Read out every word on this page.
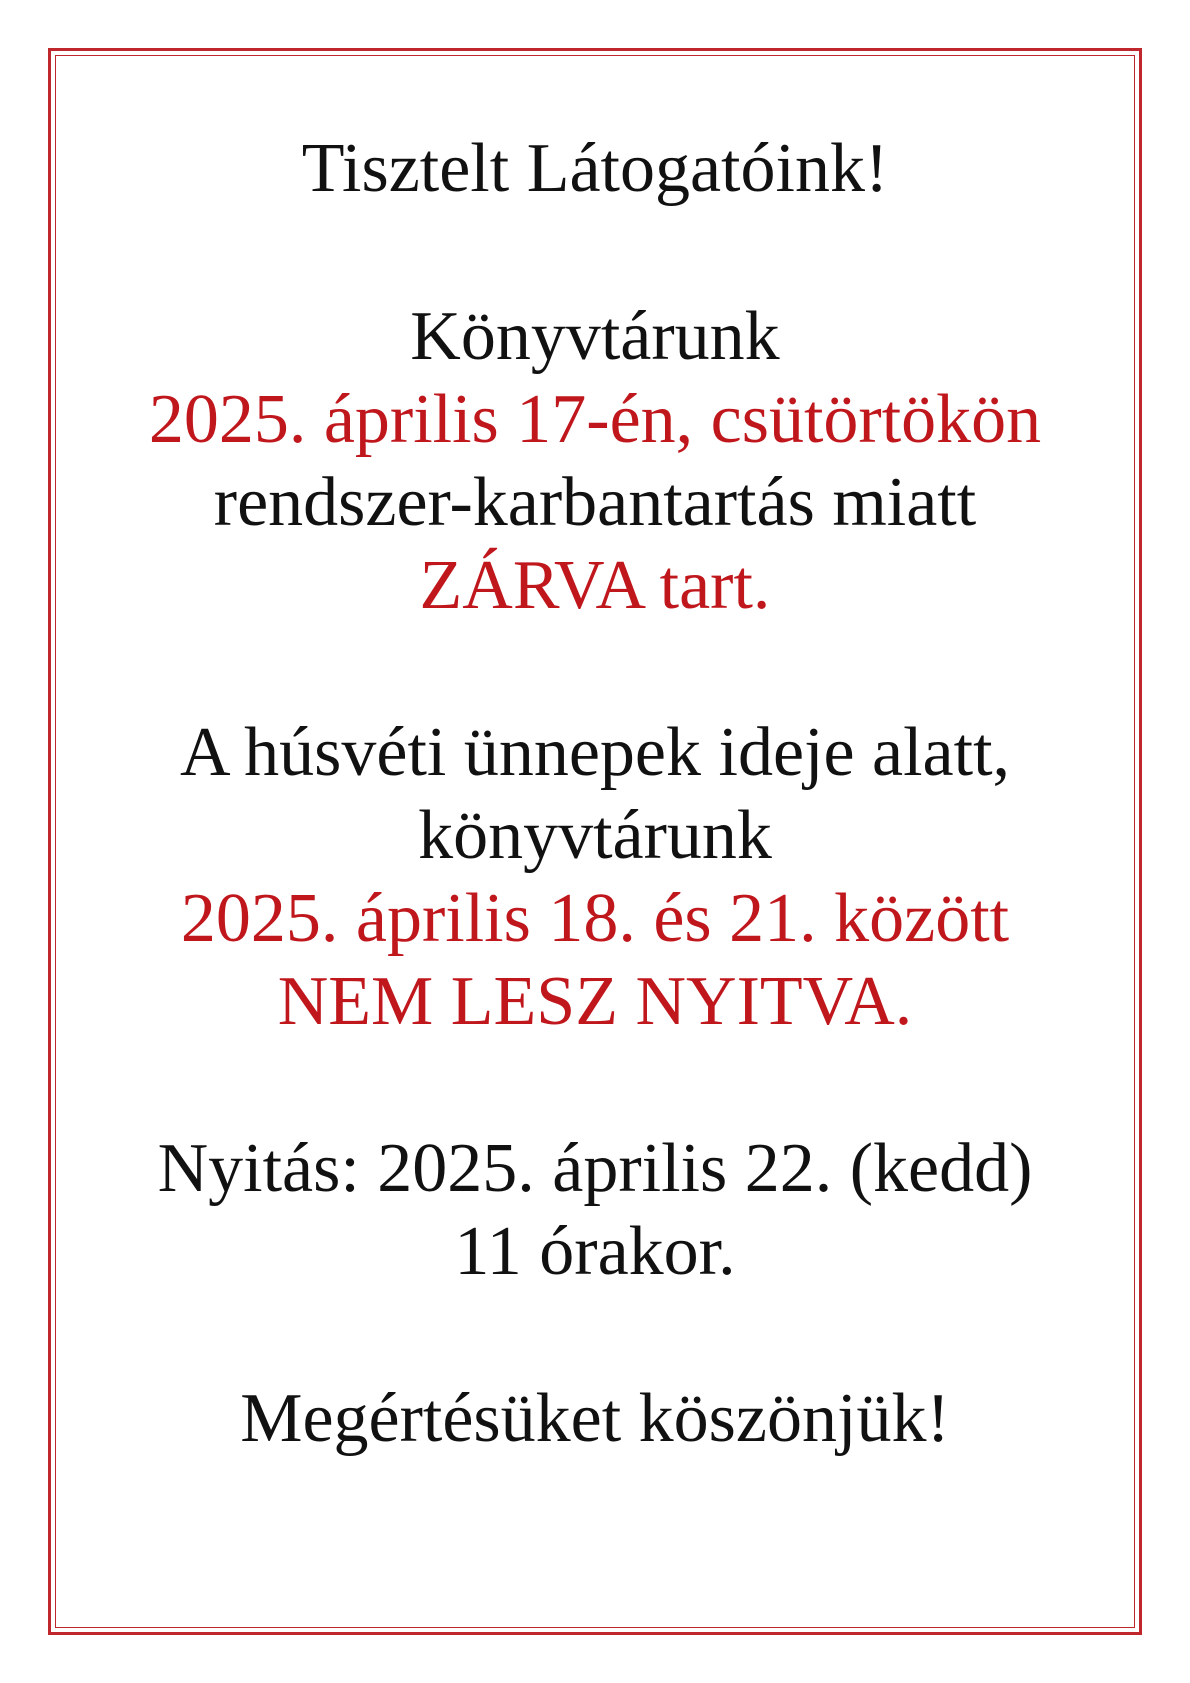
Tisztelt Látogatóink!
Könyvtárunk
2025. április 17-én, csütörtökön
rendszer-karbantartás miatt
ZÁRVA tart.
A húsvéti ünnepek ideje alatt,
könyvtárunk
2025. április 18. és 21. között
NEM LESZ NYITVA.
Nyitás: 2025. április 22. (kedd)
11 órakor.
Megértésüket köszönjük!
